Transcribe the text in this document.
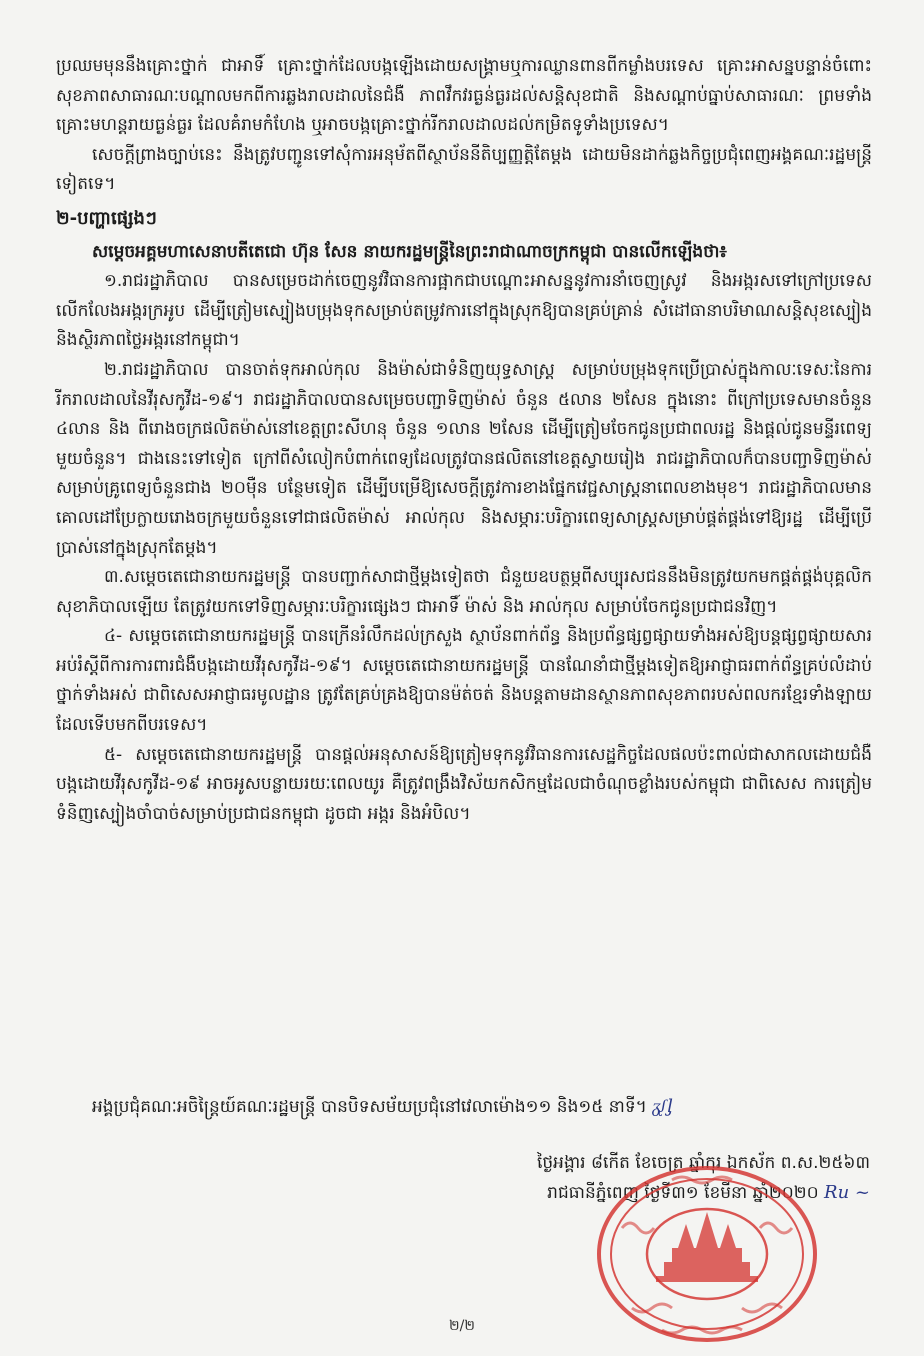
ប្រឈមមុននឹងគ្រោះថ្នាក់ ជាអាទិ៍ គ្រោះថ្នាក់ដែលបង្កឡើងដោយសង្រ្គាមឬការឈ្លានពានពីកម្លាំងបរទេស គ្រោះអាសន្នបន្ទាន់ចំពោះសុខភាពសាធារណៈបណ្តាលមកពីការឆ្លងរាលដាលនៃជំងឺ ភាពវឹកវរធ្ងន់ធ្ងរដល់សន្តិសុខជាតិ និងសណ្តាប់ធ្នាប់សាធារណៈ ព្រមទាំងគ្រោះមហន្តរាយធ្ងន់ធ្ងរ ដែលគំរាមកំហែង ឬអាចបង្កគ្រោះថ្នាក់រីករាលដាលដល់កម្រិតទូទាំងប្រទេស។

សេចក្តីព្រាងច្បាប់នេះ នឹងត្រូវបញ្ជូនទៅសុំការអនុម័តពីស្ថាប័ននីតិប្បញ្ញត្តិតែម្តង ដោយមិនដាក់ឆ្លងកិច្ចប្រជុំពេញអង្គគណៈរដ្ឋមន្ត្រីទៀតទេ។

២-បញ្ហាផ្សេងៗ

សម្តេចអគ្គមហាសេនាបតីតេជោ ហ៊ុន សែន នាយករដ្ឋមន្ត្រីនៃព្រះរាជាណាចក្រកម្ពុជា បានលើកឡើងថា៖

១.រាជរដ្ឋាភិបាល បានសម្រេចដាក់ចេញនូវវិធានការផ្អាកជាបណ្តោះអាសន្ននូវការនាំចេញស្រូវ និងអង្ករសទៅក្រៅប្រទេស លើកលែងអង្ករក្រអូប ដើម្បីត្រៀមស្បៀងបម្រុងទុកសម្រាប់តម្រូវការនៅក្នុងស្រុកឱ្យបានគ្រប់គ្រាន់ សំដៅធានាបរិមាណសន្តិសុខស្បៀង និងស្ថិរភាពថ្លៃអង្ករនៅកម្ពុជា។

២.រាជរដ្ឋាភិបាល បានចាត់ទុកអាល់កុល និងម៉ាស់ជាទំនិញយុទ្ធសាស្ត្រ សម្រាប់បម្រុងទុកប្រើប្រាស់ក្នុងកាលៈទេសៈនៃការរីករាលដាលនៃវីរុសកូវីដ-១៩។ រាជរដ្ឋាភិបាលបានសម្រេចបញ្ជាទិញម៉ាស់ ចំនួន ៥លាន ២សែន ក្នុងនោះ ពីក្រៅប្រទេសមានចំនួន ៤លាន និង ពីរោងចក្រផលិតម៉ាស់នៅខេត្តព្រះសីហនុ ចំនួន ១លាន ២សែន ដើម្បីត្រៀមចែកជូនប្រជាពលរដ្ឋ និងផ្តល់ជូនមន្ទីរពេទ្យមួយចំនួន។ ជាងនេះទៅទៀត ក្រៅពីសំលៀកបំពាក់ពេទ្យដែលត្រូវបានផលិតនៅខេត្តស្វាយរៀង រាជរដ្ឋាភិបាលក៏បានបញ្ជាទិញម៉ាស់សម្រាប់គ្រូពេទ្យចំនួនជាង ២០ម៉ឺន បន្ថែមទៀត ដើម្បីបម្រើឱ្យសេចក្តីត្រូវការខាងផ្នែកវេជ្ជសាស្ត្រនាពេលខាងមុខ។ រាជរដ្ឋាភិបាលមានគោលដៅប្រែក្លាយរោងចក្រមួយចំនួនទៅជាផលិតម៉ាស់ អាល់កុល និងសម្ភារៈបរិក្ខារពេទ្យសាស្ត្រសម្រាប់ផ្គត់ផ្គង់ទៅឱ្យរដ្ឋ ដើម្បីប្រើប្រាស់នៅក្នុងស្រុកតែម្តង។

៣.សម្តេចតេជោនាយករដ្ឋមន្ត្រី បានបញ្ជាក់សាជាថ្មីម្តងទៀតថា ជំនួយឧបត្ថម្ភពីសប្បុរសជននឹងមិនត្រូវយកមកផ្គត់ផ្គង់បុគ្គលិកសុខាភិបាលឡើយ តែត្រូវយកទៅទិញសម្ភារៈបរិក្ខារផ្សេងៗ ជាអាទិ៍ ម៉ាស់ និង អាល់កុល សម្រាប់ចែកជូនប្រជាជនវិញ។

៤- សម្តេចតេជោនាយករដ្ឋមន្ត្រី បានក្រើនរំលឹកដល់ក្រសួង ស្ថាប័នពាក់ព័ន្ធ និងប្រព័ន្ធផ្សព្វផ្សាយទាំងអស់ឱ្យបន្តផ្សព្វផ្សាយសារអប់រំស្តីពីការការពារជំងឺបង្កដោយវីរុសកូវីដ-១៩។ សម្តេចតេជោនាយករដ្ឋមន្ត្រី បានណែនាំជាថ្មីម្តងទៀតឱ្យអាជ្ញាធរពាក់ព័ន្ធគ្រប់លំដាប់ថ្នាក់ទាំងអស់ ជាពិសេសអាជ្ញាធរមូលដ្ឋាន ត្រូវតែគ្រប់គ្រងឱ្យបានម៉ត់ចត់ និងបន្តតាមដានស្ថានភាពសុខភាពរបស់ពលករខ្មែរទាំងឡាយដែលទើបមកពីបរទេស។

៥- សម្តេចតេជោនាយករដ្ឋមន្ត្រី បានផ្តល់អនុសាសន៍ឱ្យត្រៀមទុកនូវវិធានការសេដ្ឋកិច្ចដែលផលប៉ះពាល់ជាសាកលដោយជំងឺបង្កដោយវីរុសកូវីដ-១៩ អាចអូសបន្លាយរយៈពេលយូរ គឺត្រូវពង្រឹងវិស័យកសិកម្មដែលជាចំណុចខ្លាំងរបស់កម្ពុជា ជាពិសេស ការត្រៀមទំនិញស្បៀងចាំបាច់សម្រាប់ប្រជាជនកម្ពុជា ដូចជា អង្ករ និងអំបិល។

អង្គប្រជុំគណៈអចិន្ត្រៃយ៍គណៈរដ្ឋមន្ត្រី បានបិទសម័យប្រជុំនៅវេលាម៉ោង១១ និង១៥ នាទី។ ᵹᶘᶅ

ថ្ងៃអង្គារ ៨កើត ខែចេត្រ ឆ្នាំកុរ ឯកស័ក ព.ស.២៥៦៣

រាជធានីភ្នំពេញ ថ្ងៃទី៣១ ខែមីនា ឆ្នាំ២០២០ Ru ~

២/២
